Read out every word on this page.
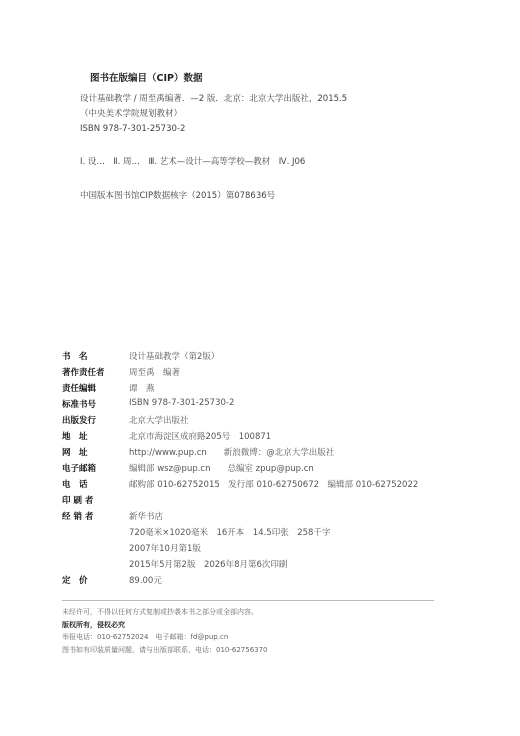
图书在版编目（CIP）数据
设计基础教学 / 周至禹编著．—2 版．北京：北京大学出版社，2015.5
（中央美术学院规划教材）
ISBN 978-7-301-25730-2
Ⅰ. 设…　Ⅱ. 周…　Ⅲ. 艺术—设计—高等学校—教材　Ⅳ. J06
中国版本图书馆CIP数据核字（2015）第078636号
书　名	设计基础教学（第2版）
著作责任者	周至禹　编著
责任编辑	谭　燕
标准书号	ISBN 978-7-301-25730-2
出版发行	北京大学出版社
地　址	北京市海淀区成府路205号　100871
网　址	http://www.pup.cn　　新浪微博：@北京大学出版社
电子邮箱	编辑部 wsz@pup.cn　　总编室 zpup@pup.cn
电　话	邮购部 010-62752015　发行部 010-62750672　编辑部 010-62752022
印 刷 者
经 销 者	新华书店
720毫米×1020毫米　16开本　14.5印张　258千字
2007年10月第1版
2015年5月第2版　2026年8月第6次印刷
定　价	89.00元
未经许可，不得以任何方式复制或抄袭本书之部分或全部内容。
版权所有，侵权必究
举报电话：010-62752024　电子邮箱：fd@pup.cn
图书如有印装质量问题，请与出版部联系，电话：010-62756370
